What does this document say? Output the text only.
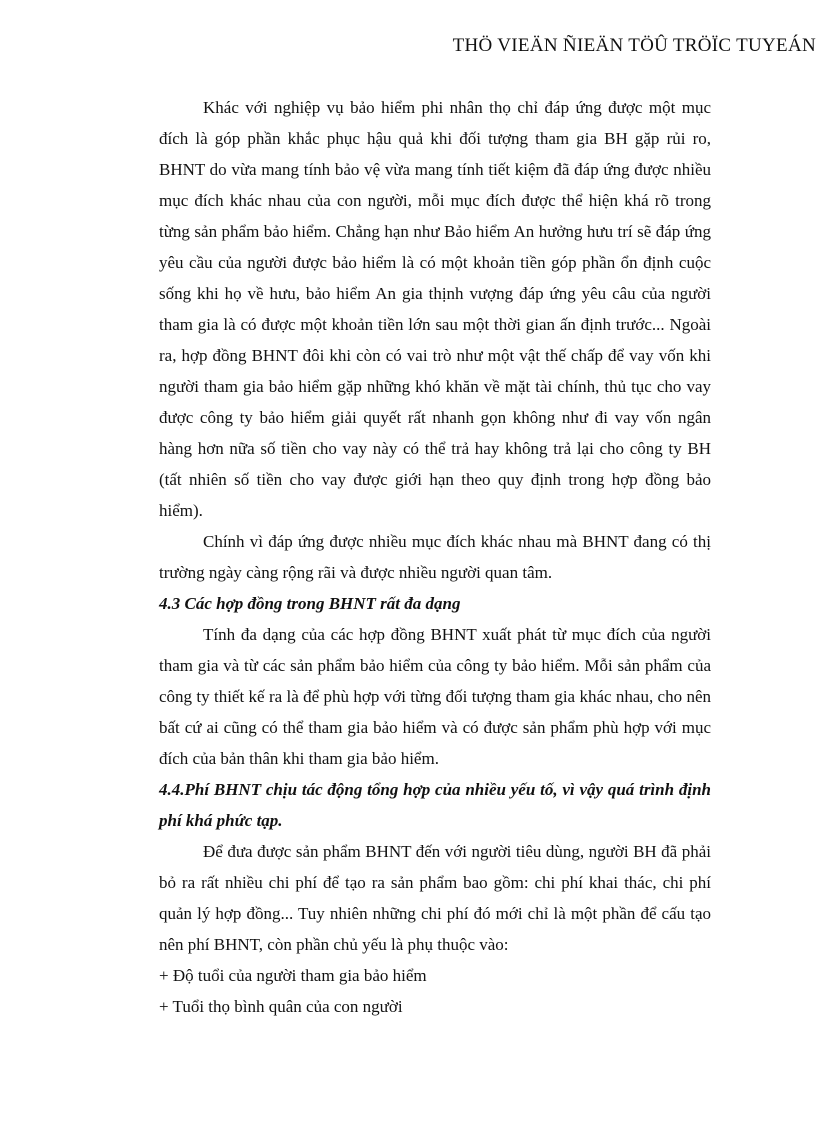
THÖ VIEÄN ÑIEÄN TÖÛ TRÖÏC TUYEÁN

Khác với nghiệp vụ bảo hiểm phi nhân thọ chỉ đáp ứng được một mục đích là góp phần khắc phục hậu quả khi đối tượng tham gia BH gặp rủi ro, BHNT do vừa mang tính bảo vệ vừa mang tính tiết kiệm đã đáp ứng được nhiều mục đích khác nhau của con người, mỗi mục đích được thể hiện khá rõ trong từng sản phẩm bảo hiểm. Chẳng hạn như Bảo hiểm An hưởng hưu trí sẽ đáp ứng yêu cầu của người được bảo hiểm là có một khoản tiền góp phần ổn định cuộc sống khi họ về hưu, bảo hiểm An gia thịnh vượng đáp ứng yêu câu của người tham gia là có được một khoản tiền lớn sau một thời gian ấn định trước... Ngoài ra, hợp đồng BHNT đôi khi còn có vai trò như một vật thế chấp để vay vốn khi người tham gia bảo hiểm gặp những khó khăn về mặt tài chính, thủ tục cho vay được công ty bảo hiểm giải quyết rất nhanh gọn không như đi vay vốn ngân hàng hơn nữa số tiền cho vay này có thể trả hay không trả lại cho công ty BH (tất nhiên số tiền cho vay được giới hạn theo quy định trong hợp đồng bảo hiểm).

Chính vì đáp ứng được nhiều mục đích khác nhau mà BHNT đang có thị trường ngày càng rộng rãi và được nhiều người quan tâm.

4.3 Các hợp đồng trong BHNT rất đa dạng

Tính đa dạng của các hợp đồng BHNT xuất phát từ mục đích của người tham gia và từ các sản phẩm bảo hiểm của công ty bảo hiểm. Mỗi sản phẩm của công ty thiết kế ra là để phù hợp với từng đối tượng tham gia khác nhau, cho nên bất cứ ai cũng có thể tham gia bảo hiểm và có được sản phẩm phù hợp với mục đích của bản thân khi tham gia bảo hiểm.

4.4.Phí BHNT chịu tác động tổng hợp của nhiều yếu tố, vì vậy quá trình định phí khá phức tạp.

Để đưa được sản phẩm BHNT đến với người tiêu dùng, người BH đã phải bỏ ra rất nhiều chi phí để tạo ra sản phẩm bao gồm: chi phí khai thác, chi phí quản lý hợp đồng... Tuy nhiên những chi phí đó mới chỉ là một phần để cấu tạo nên phí BHNT, còn phần chủ yếu là phụ thuộc vào:

+ Độ tuổi của người tham gia bảo hiểm

+ Tuổi thọ bình quân của con người
